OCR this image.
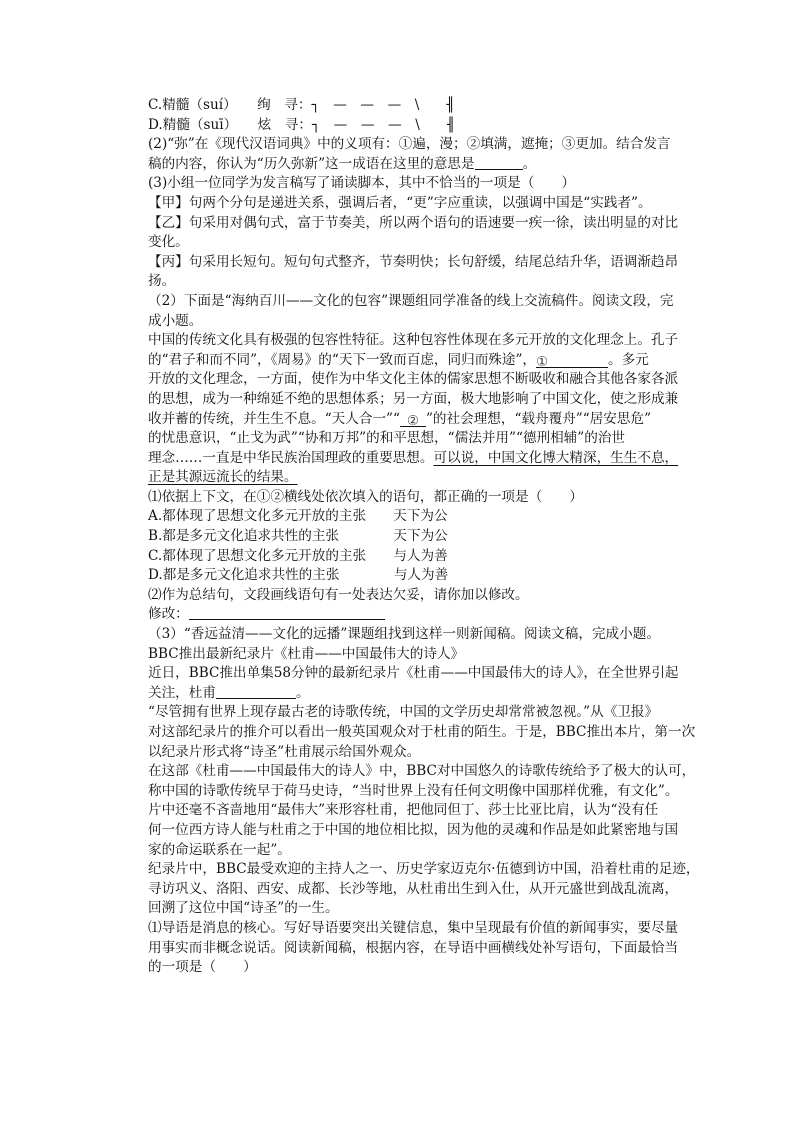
C.精髓（suí）　　绚　寻：┐　—　—　—　\　　╢
D.精髓（suī）　　炫　寻：┐　—　—　—　\　　╢
(2)“弥”在《现代汉语词典》中的义项有：①遍，漫；②填满，遮掩；③更加。结合发言
稿的内容，你认为“历久弥新”这一成语在这里的意思是	。
(3)小组一位同学为发言稿写了诵读脚本，其中不恰当的一项是（　　）
【甲】句两个分句是递进关系，强调后者，“更”字应重读，以强调中国是“实践者”。
【乙】句采用对偶句式，富于节奏美，所以两个语句的语速要一疾一徐，读出明显的对比
变化。
【丙】句采用长短句。短句句式整齐，节奏明快；长句舒缓，结尾总结升华，语调渐趋昂
扬。
（2）下面是“海纳百川——文化的包容”课题组同学准备的线上交流稿件。阅读文段，完
成小题。
中国的传统文化具有极强的包容性特征。这种包容性体现在多元开放的文化理念上。孔子
的“君子和而不同”，《周易》的“天下一致而百虑，同归而殊途”，①	。多元
开放的文化理念，一方面，使作为中华文化主体的儒家思想不断吸收和融合其他各家各派
的思想，成为一种绵延不绝的思想体系；另一方面，极大地影响了中国文化，使之形成兼
收并蓄的传统，并生生不息。“天人合一”“ ② ”的社会理想，“载舟覆舟”“居安思危”
的忧患意识，“止戈为武”“协和万邦”的和平思想，“儒法并用”“德刑相辅”的治世
理念……一直是中华民族治国理政的重要思想。可以说，中国文化博大精深，生生不息，
正是其源远流长的结果。
⑴依据上下文，在①②横线处依次填入的语句，都正确的一项是（　　）
A.都体现了思想文化多元开放的主张　　天下为公
B.都是多元文化追求共性的主张　　　　天下为公
C.都体现了思想文化多元开放的主张　　与人为善
D.都是多元文化追求共性的主张　　　　与人为善
⑵作为总结句，文段画线语句有一处表达欠妥，请你加以修改。
修改：
（3）“香远益清——文化的远播”课题组找到这样一则新闻稿。阅读文稿，完成小题。
BBC推出最新纪录片《杜甫——中国最伟大的诗人》
近日，BBC推出单集58分钟的最新纪录片《杜甫——中国最伟大的诗人》，在全世界引起
关注，杜甫	。
“尽管拥有世界上现存最古老的诗歌传统，中国的文学历史却常常被忽视。”从《卫报》
对这部纪录片的推介可以看出一般英国观众对于杜甫的陌生。于是，BBC推出本片，第一次
以纪录片形式将“诗圣”杜甫展示给国外观众。
在这部《杜甫——中国最伟大的诗人》中，BBC对中国悠久的诗歌传统给予了极大的认可，
称中国的诗歌传统早于荷马史诗，“当时世界上没有任何文明像中国那样优雅，有文化”。
片中还毫不吝啬地用“最伟大”来形容杜甫，把他同但丁、莎士比亚比肩，认为“没有任
何一位西方诗人能与杜甫之于中国的地位相比拟，因为他的灵魂和作品是如此紧密地与国
家的命运联系在一起”。
纪录片中，BBC最受欢迎的主持人之一、历史学家迈克尔·伍德到访中国，沿着杜甫的足迹，
寻访巩义、洛阳、西安、成都、长沙等地，从杜甫出生到入仕，从开元盛世到战乱流离，
回溯了这位中国“诗圣”的一生。
⑴导语是消息的核心。写好导语要突出关键信息，集中呈现最有价值的新闻事实，要尽量
用事实而非概念说话。阅读新闻稿，根据内容，在导语中画横线处补写语句，下面最恰当
的一项是（　　）
